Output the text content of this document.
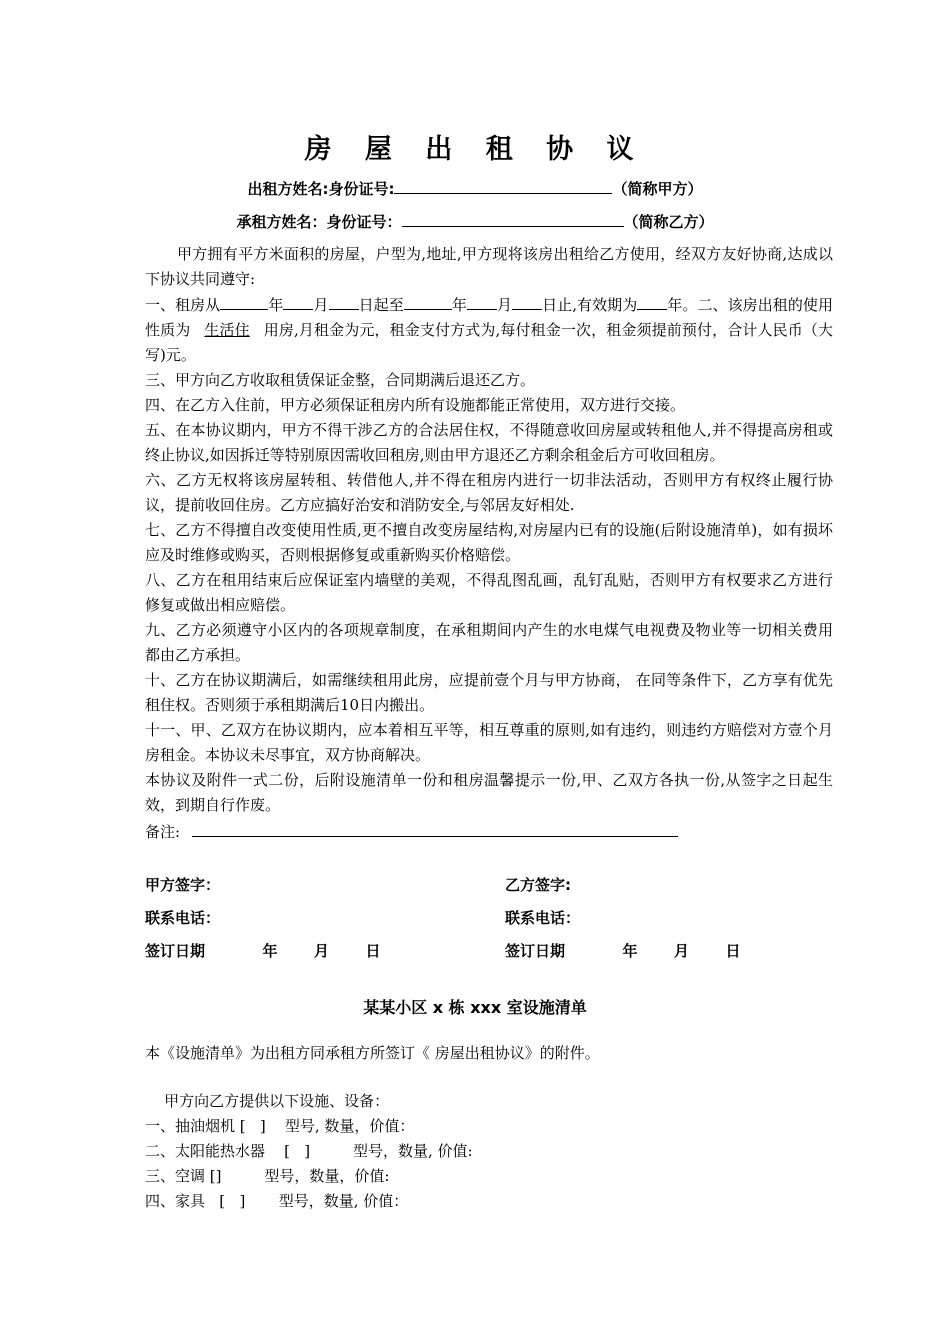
房 屋 出 租 协 议
出租方姓名:身份证号:	（简称甲方）
承租方姓名：身份证号：	（简称乙方）

甲方拥有平方米面积的房屋，户型为,地址,甲方现将该房出租给乙方使用，经双方友好协商,达成以下协议共同遵守:

一、租房从	年 月 日起至	年 月 日止,有效期为 年。二、该房出租的使用性质为 生活住 用房,月租金为元，租金支付方式为,每付租金一次，租金须提前预付，合计人民币（大写)元。

三、甲方向乙方收取租赁保证金整，合同期满后退还乙方。

四、在乙方入住前，甲方必须保证租房内所有设施都能正常使用，双方进行交接。

五、在本协议期内，甲方不得干涉乙方的合法居住权，不得随意收回房屋或转租他人,并不得提高房租或终止协议,如因拆迁等特别原因需收回租房,则由甲方退还乙方剩余租金后方可收回租房。

六、乙方无权将该房屋转租、转借他人,并不得在租房内进行一切非法活动，否则甲方有权终止履行协议，提前收回住房。乙方应搞好治安和消防安全,与邻居友好相处.

七、乙方不得擅自改变使用性质,更不擅自改变房屋结构,对房屋内已有的设施(后附设施清单)，如有损坏应及时维修或购买，否则根据修复或重新购买价格赔偿。

八、乙方在租用结束后应保证室内墙壁的美观，不得乱图乱画，乱钉乱贴，否则甲方有权要求乙方进行修复或做出相应赔偿。

九、乙方必须遵守小区内的各项规章制度，在承租期间内产生的水电煤气电视费及物业等一切相关费用都由乙方承担。

十、乙方在协议期满后，如需继续租用此房，应提前壹个月与甲方协商， 在同等条件下，乙方享有优先租住权。否则须于承租期满后10日内搬出。

十一、甲、乙双方在协议期内，应本着相互平等，相互尊重的原则,如有违约，则违约方赔偿对方壹个月房租金。本协议未尽事宜，双方协商解决。

本协议及附件一式二份，后附设施清单一份和租房温馨提示一份,甲、乙双方各执一份,从签字之日起生效，到期自行作废。

备注:

甲方签字：	乙方签字:
联系电话：	联系电话：
签订日期           年       月       日	签订日期           年       月       日
某某小区 x 栋 xxx 室设施清单
本《设施清单》为出租方同承租方所签订《 房屋出租协议》的附件。
甲方向乙方提供以下设施、设备：
一、抽油烟机 [   ]    型号, 数量，价值：
二、太阳能热水器    [   ]         型号，数量, 价值:
三、空调 []         型号，数量，价值:
四、家具   [   ]       型号，数量, 价值：
